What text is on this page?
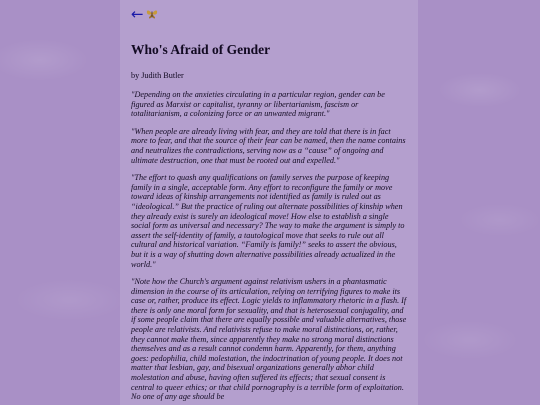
←
Who's Afraid of Gender

by Judith Butler

"Depending on the anxieties circulating in a particular region, gender can be figured as Marxist or capitalist, tyranny or libertarianism, fascism or totalitarianism, a colonizing force or an unwanted migrant."

"When people are already living with fear, and they are told that there is in fact more to fear, and that the source of their fear can be named, then the name contains and neutralizes the contradictions, serving now as a “cause” of ongoing and ultimate destruction, one that must be rooted out and expelled."

"The effort to quash any qualifications on family serves the purpose of keeping family in a single, acceptable form. Any effort to reconfigure the family or move toward ideas of kinship arrangements not identified as family is ruled out as “ideological.” But the practice of ruling out alternate possibilities of kinship when they already exist is surely an ideological move! How else to establish a single social form as universal and necessary? The way to make the argument is simply to assert the self-identity of family, a tautological move that seeks to rule out all cultural and historical variation. “Family is family!” seeks to assert the obvious, but it is a way of shutting down alternative possibilities already actualized in the world."

"Note how the Church's argument against relativism ushers in a phantasmatic dimension in the course of its articulation, relying on terrifying figures to make its case or, rather, produce its effect. Logic yields to inflammatory rhetoric in a flash. If there is only one moral form for sexuality, and that is heterosexual conjugality, and if some people claim that there are equally possible and valuable alternatives, those people are relativists. And relativists refuse to make moral distinctions, or, rather, they cannot make them, since apparently they make no strong moral distinctions themselves and as a result cannot condemn harm. Apparently, for them, anything goes: pedophilia, child molestation, the indoctrination of young people. It does not matter that lesbian, gay, and bisexual organizations generally abhor child molestation and abuse, having often suffered its effects; that sexual consent is central to queer ethics; or that child pornography is a terrible form of exploitation. No one of any age should be
